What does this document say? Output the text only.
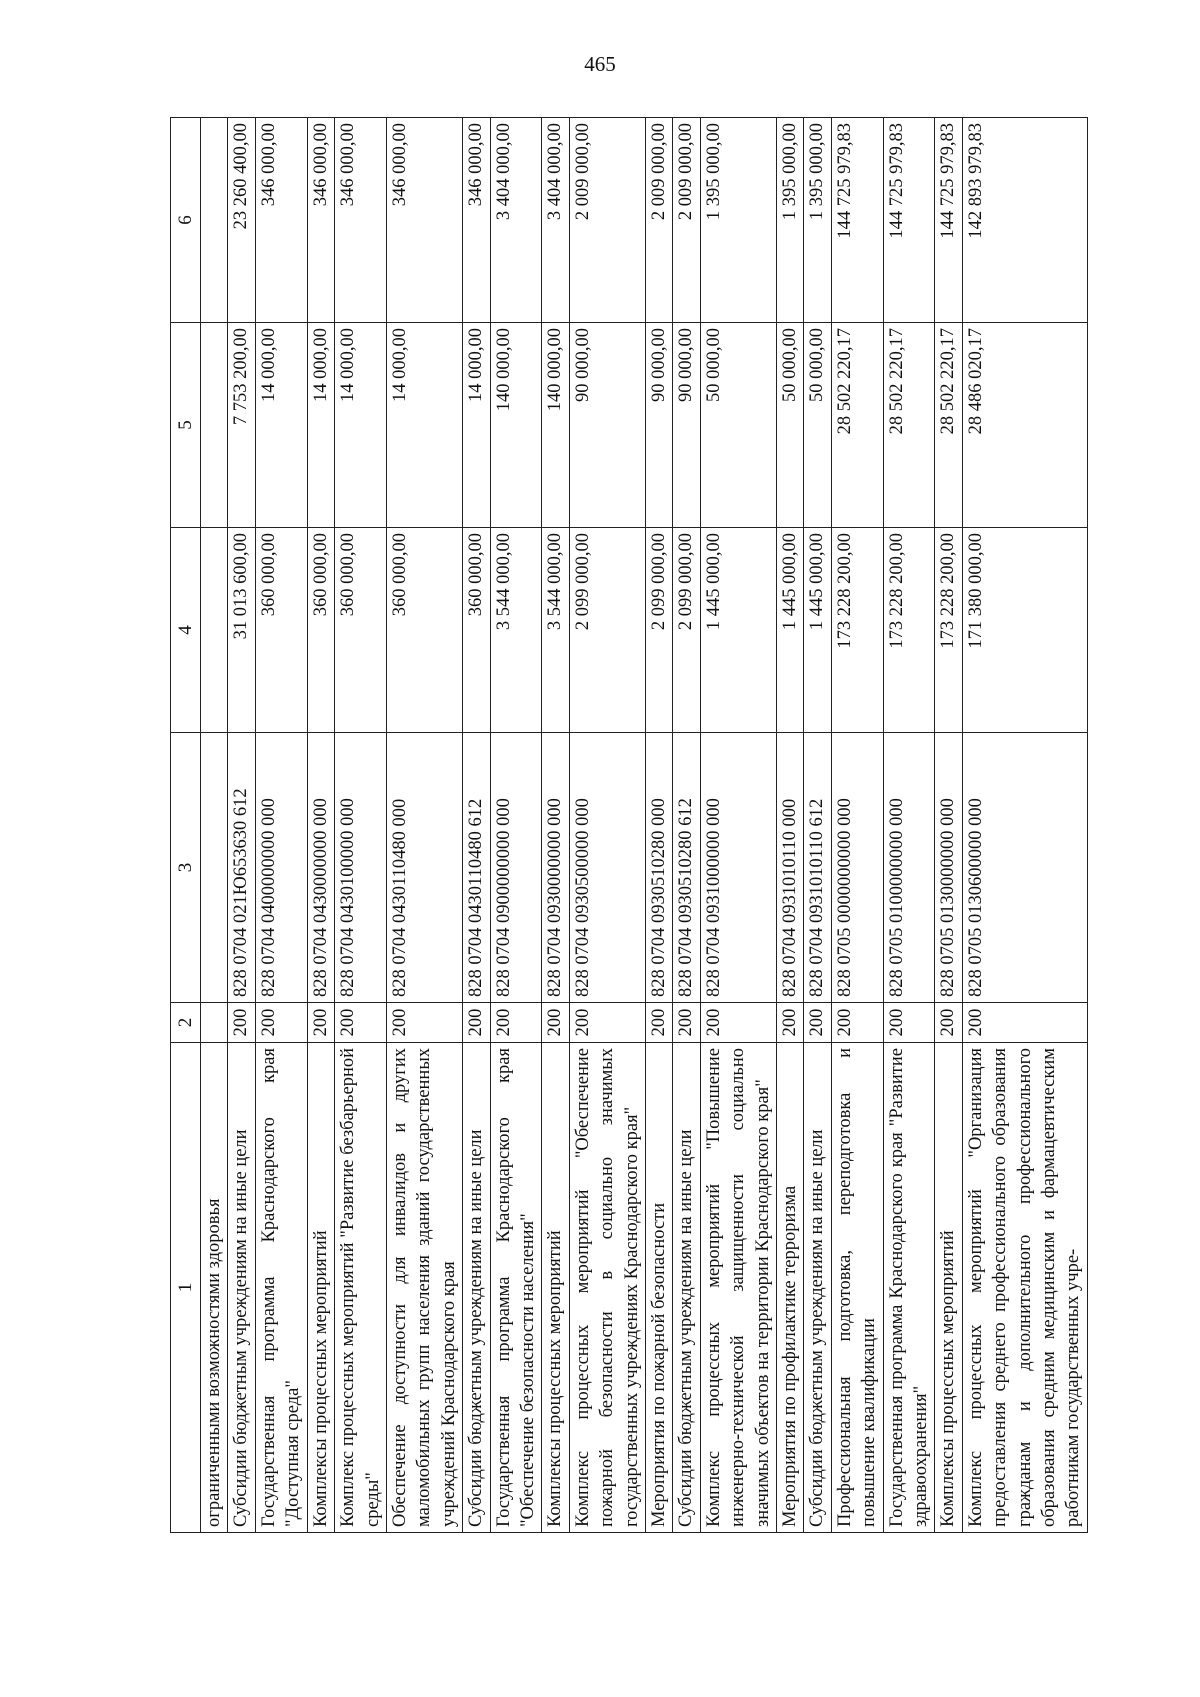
465
1	2	3	4	5	6
ограниченными возможностями здоровья					
Субсидии бюджетным учреждениям на иные цели	200	828 0704 021Ю653630 612	31 013 600,00	7 753 200,00	23 260 400,00
Государственная программа Краснодарского края "Доступная среда"	200	828 0704 0400000000 000	360 000,00	14 000,00	346 000,00
Комплексы процессных мероприятий	200	828 0704 0430000000 000	360 000,00	14 000,00	346 000,00
Комплекс процессных мероприятий "Развитие безбарьерной среды"	200	828 0704 0430100000 000	360 000,00	14 000,00	346 000,00
Обеспечение доступности для инвалидов и других маломобильных групп населения зданий государственных учреждений Краснодарского края	200	828 0704 0430110480 000	360 000,00	14 000,00	346 000,00
Субсидии бюджетным учреждениям на иные цели	200	828 0704 0430110480 612	360 000,00	14 000,00	346 000,00
Государственная программа Краснодарского края "Обеспечение безопасности населения"	200	828 0704 0900000000 000	3 544 000,00	140 000,00	3 404 000,00
Комплексы процессных мероприятий	200	828 0704 0930000000 000	3 544 000,00	140 000,00	3 404 000,00
Комплекс процессных мероприятий "Обеспечение пожарной безопасности в социально значимых государственных учреждениях Краснодарского края"	200	828 0704 0930500000 000	2 099 000,00	90 000,00	2 009 000,00
Мероприятия по пожарной безопасности	200	828 0704 0930510280 000	2 099 000,00	90 000,00	2 009 000,00
Субсидии бюджетным учреждениям на иные цели	200	828 0704 0930510280 612	2 099 000,00	90 000,00	2 009 000,00
Комплекс процессных мероприятий "Повышение инженерно-технической защищенности социально значимых объектов на территории Краснодарского края"	200	828 0704 0931000000 000	1 445 000,00	50 000,00	1 395 000,00
Мероприятия по профилактике терроризма	200	828 0704 0931010110 000	1 445 000,00	50 000,00	1 395 000,00
Субсидии бюджетным учреждениям на иные цели	200	828 0704 0931010110 612	1 445 000,00	50 000,00	1 395 000,00
Профессиональная подготовка, переподготовка и повышение квалификации	200	828 0705 0000000000 000	173 228 200,00	28 502 220,17	144 725 979,83
Государственная программа Краснодарского края "Развитие здравоохранения"	200	828 0705 0100000000 000	173 228 200,00	28 502 220,17	144 725 979,83
Комплексы процессных мероприятий	200	828 0705 0130000000 000	173 228 200,00	28 502 220,17	144 725 979,83
Комплекс процессных мероприятий "Организация предоставления среднего профессионального образования гражданам и дополнительного профессионального образования средним медицинским и фармацевтическим работникам государственных учре-	200	828 0705 0130600000 000	171 380 000,00	28 486 020,17	142 893 979,83
